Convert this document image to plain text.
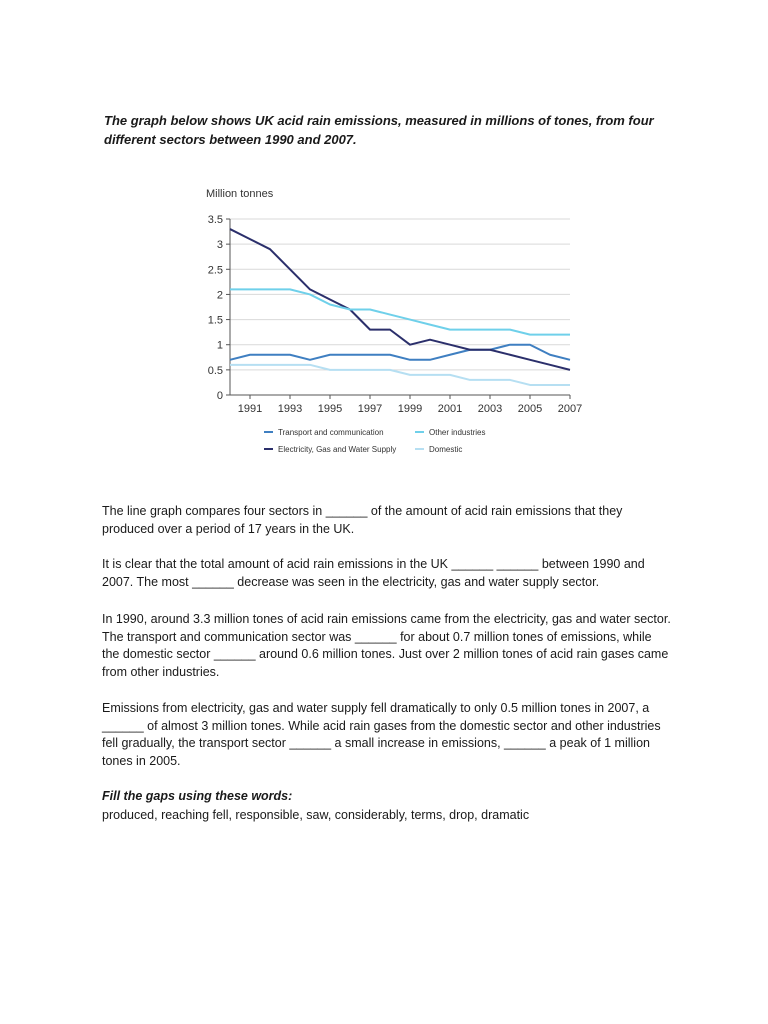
The graph below shows UK acid rain emissions, measured in millions of tones, from four different sectors between 1990 and 2007.

Million tonnes
0
0.5
1
1.5
2
2.5
3
3.5
1991 1993 1995 1997 1999 2001 2003 2005 2007
Transport and communication
Electricity, Gas and Water Supply
Other industries
Domestic

The line graph compares four sectors in ______ of the amount of acid rain emissions that they produced over a period of 17 years in the UK.

It is clear that the total amount of acid rain emissions in the UK ______ ______ between 1990 and 2007. The most ______ decrease was seen in the electricity, gas and water supply sector.

In 1990, around 3.3 million tones of acid rain emissions came from the electricity, gas and water sector. The transport and communication sector was ______ for about 0.7 million tones of emissions, while the domestic sector ______ around 0.6 million tones. Just over 2 million tones of acid rain gases came from other industries.

Emissions from electricity, gas and water supply fell dramatically to only 0.5 million tones in 2007, a ______ of almost 3 million tones. While acid rain gases from the domestic sector and other industries fell gradually, the transport sector ______ a small increase in emissions, ______ a peak of 1 million tones in 2005.

Fill the gaps using these words:

produced, reaching fell, responsible, saw, considerably, terms, drop, dramatic
